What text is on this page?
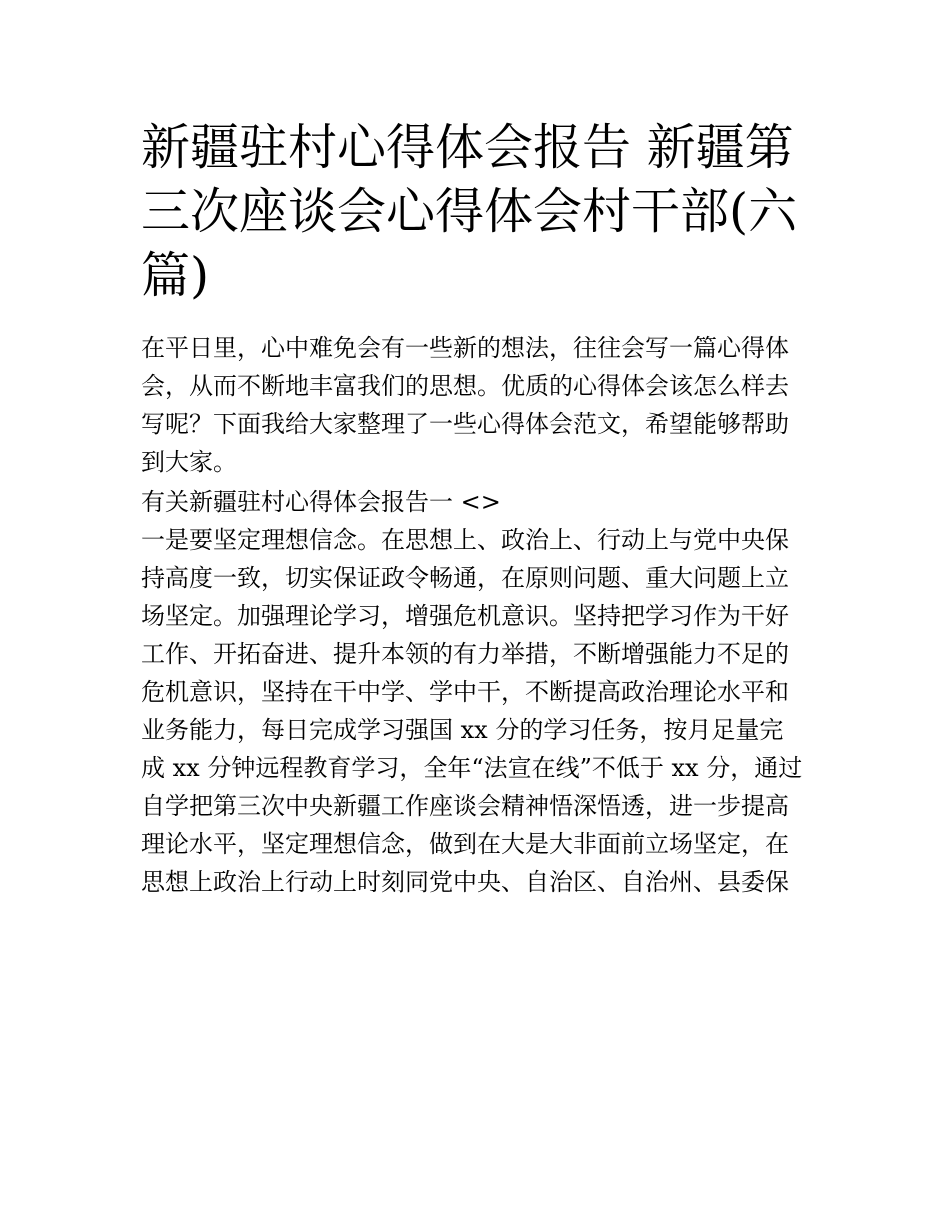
新疆驻村心得体会报告 新疆第
三次座谈会心得体会村干部(六
篇)
在平日里，心中难免会有一些新的想法，往往会写一篇心得体
会，从而不断地丰富我们的思想。优质的心得体会该怎么样去
写呢？下面我给大家整理了一些心得体会范文，希望能够帮助
到大家。
有关新疆驻村心得体会报告一 <>
一是要坚定理想信念。在思想上、政治上、行动上与党中央保
持高度一致，切实保证政令畅通，在原则问题、重大问题上立
场坚定。加强理论学习，增强危机意识。坚持把学习作为干好
工作、开拓奋进、提升本领的有力举措，不断增强能力不足的
危机意识，坚持在干中学、学中干，不断提高政治理论水平和
业务能力，每日完成学习强国 xx 分的学习任务，按月足量完
成 xx 分钟远程教育学习，全年“法宣在线”不低于 xx 分，通过
自学把第三次中央新疆工作座谈会精神悟深悟透，进一步提高
理论水平，坚定理想信念，做到在大是大非面前立场坚定，在
思想上政治上行动上时刻同党中央、自治区、自治州、县委保
